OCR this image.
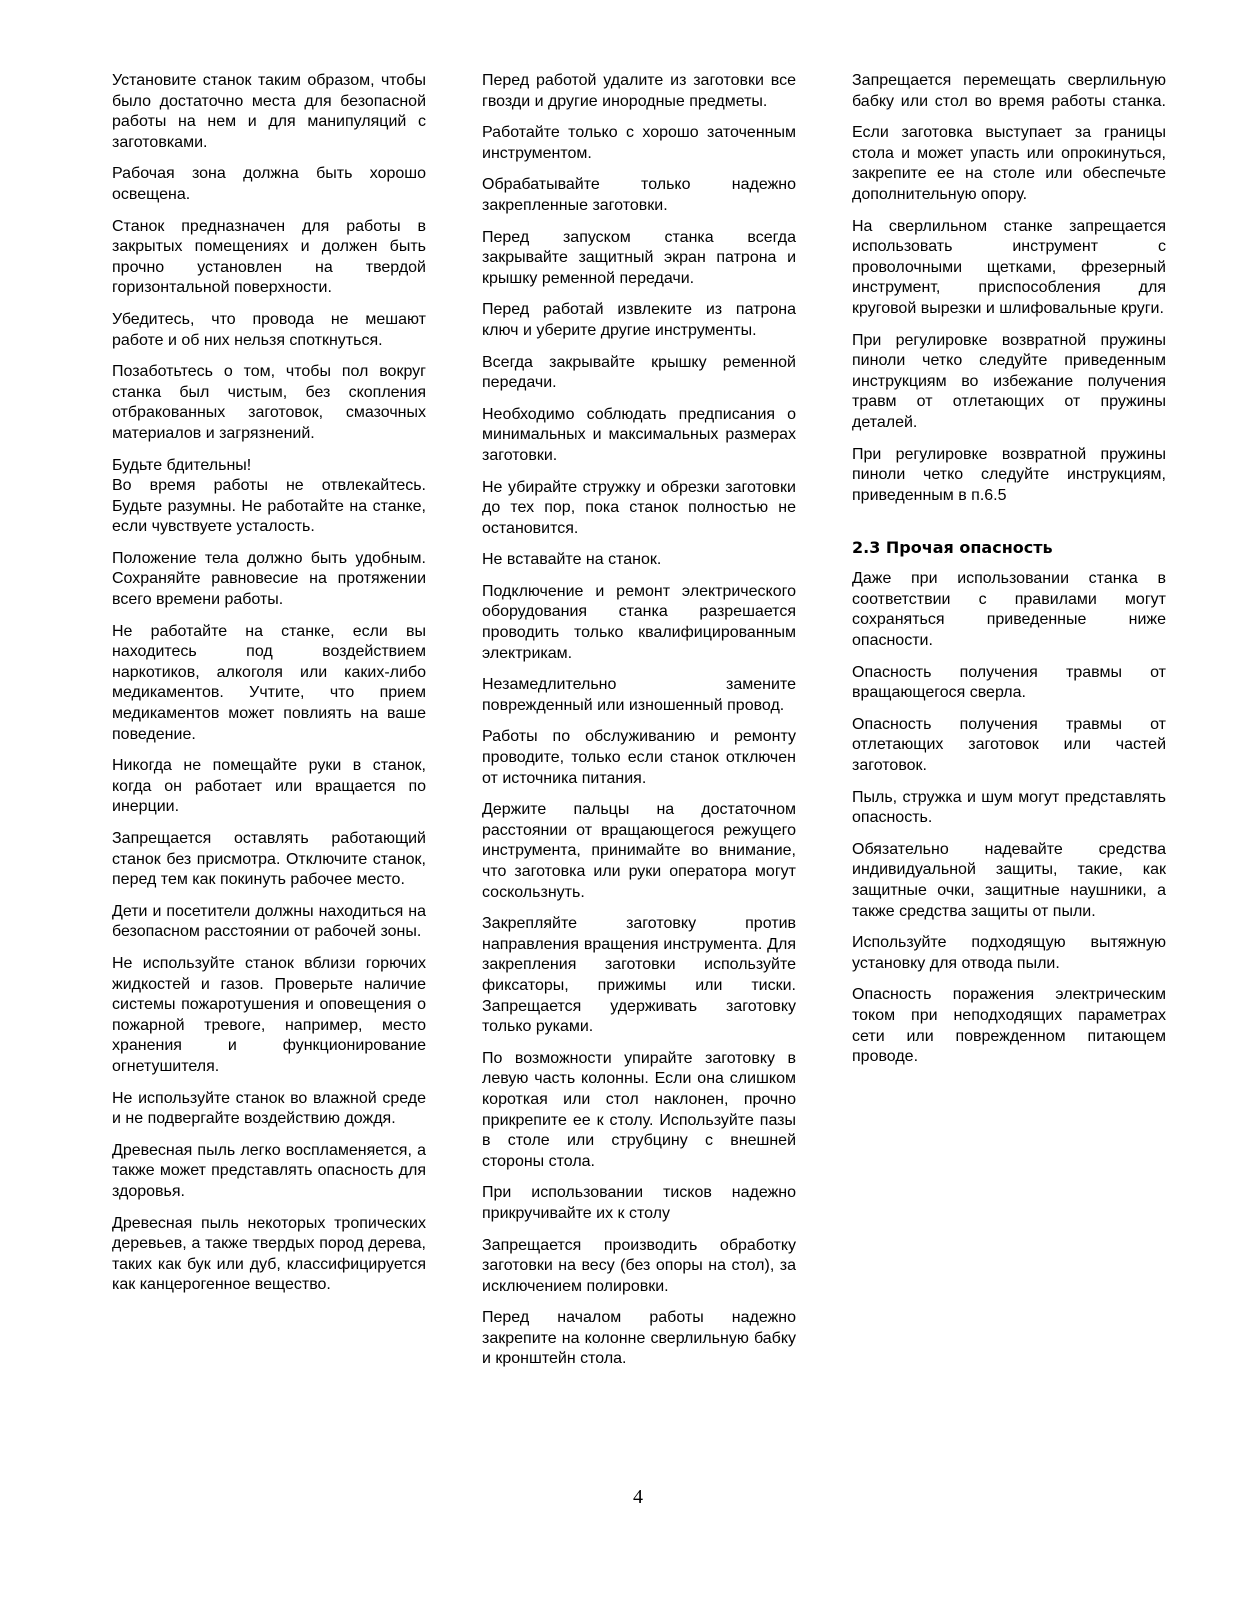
Установите станок таким образом, чтобы было достаточно места для безопасной работы на нем и для манипуляций с заготовками.

Рабочая зона должна быть хорошо освещена.

Станок предназначен для работы в закрытых помещениях и должен быть прочно установлен на твердой горизонтальной поверхности.

Убедитесь, что провода не мешают работе и об них нельзя споткнуться.

Позаботьтесь о том, чтобы пол вокруг станка был чистым, без скопления отбракованных заготовок, смазочных материалов и загрязнений.

Будьте бдительны!
Во время работы не отвлекайтесь. Будьте разумны. Не работайте на станке, если чувствуете усталость.

Положение тела должно быть удобным. Сохраняйте равновесие на протяжении всего времени работы.

Не работайте на станке, если вы находитесь под воздействием наркотиков, алкоголя или каких-либо медикаментов. Учтите, что прием медикаментов может повлиять на ваше поведение.

Никогда не помещайте руки в станок, когда он работает или вращается по инерции.

Запрещается оставлять работающий станок без присмотра. Отключите станок, перед тем как покинуть рабочее место.

Дети и посетители должны находиться на безопасном расстоянии от рабочей зоны.

Не используйте станок вблизи горючих жидкостей и газов. Проверьте наличие системы пожаротушения и оповещения о пожарной тревоге, например, место хранения и функционирование огнетушителя.

Не используйте станок во влажной среде и не подвергайте воздействию дождя.

Древесная пыль легко воспламеняется, а также может представлять опасность для здоровья.

Древесная пыль некоторых тропических деревьев, а также твердых пород дерева, таких как бук или дуб, классифицируется как канцерогенное вещество.

Перед работой удалите из заготовки все гвозди и другие инородные предметы.

Работайте только с хорошо заточенным инструментом.

Обрабатывайте только надежно закрепленные заготовки.

Перед запуском станка всегда закрывайте защитный экран патрона и крышку ременной передачи.

Перед работай извлеките из патрона ключ и уберите другие инструменты.

Всегда закрывайте крышку ременной передачи.

Необходимо соблюдать предписания о минимальных и максимальных размерах заготовки.

Не убирайте стружку и обрезки заготовки до тех пор, пока станок полностью не остановится.

Не вставайте на станок.

Подключение и ремонт электрического оборудования станка разрешается проводить только квалифицированным электрикам.

Незамедлительно замените поврежденный или изношенный провод.

Работы по обслуживанию и ремонту проводите, только если станок отключен от источника питания.

Держите пальцы на достаточном расстоянии от вращающегося режущего инструмента, принимайте во внимание, что заготовка или руки оператора могут соскользнуть.

Закрепляйте заготовку против направления вращения инструмента. Для закрепления заготовки используйте фиксаторы, прижимы или тиски. Запрещается удерживать заготовку только руками.

По возможности упирайте заготовку в левую часть колонны. Если она слишком короткая или стол наклонен, прочно прикрепите ее к столу. Используйте пазы в столе или струбцину с внешней стороны стола.

При использовании тисков надежно прикручивайте их к столу

Запрещается производить обработку заготовки на весу (без опоры на стол), за исключением полировки.

Перед началом работы надежно закрепите на колонне сверлильную бабку и кронштейн стола.

Запрещается перемещать сверлильную бабку или стол во время работы станка.

Если заготовка выступает за границы стола и может упасть или опрокинуться, закрепите ее на столе или обеспечьте дополнительную опору.

На сверлильном станке запрещается использовать инструмент с проволочными щетками, фрезерный инструмент, приспособления для круговой вырезки и шлифовальные круги.

При регулировке возвратной пружины пиноли четко следуйте приведенным инструкциям во избежание получения травм от отлетающих от пружины деталей.

При регулировке возвратной пружины пиноли четко следуйте инструкциям, приведенным в п.6.5

2.3 Прочая опасность

Даже при использовании станка в соответствии с правилами могут сохраняться приведенные ниже опасности.

Опасность получения травмы от вращающегося сверла.

Опасность получения травмы от отлетающих заготовок или частей заготовок.

Пыль, стружка и шум могут представлять опасность.

Обязательно надевайте средства индивидуальной защиты, такие, как защитные очки, защитные наушники, а также средства защиты от пыли.

Используйте подходящую вытяжную установку для отвода пыли.

Опасность поражения электрическим током при неподходящих параметрах сети или поврежденном питающем проводе.

4
